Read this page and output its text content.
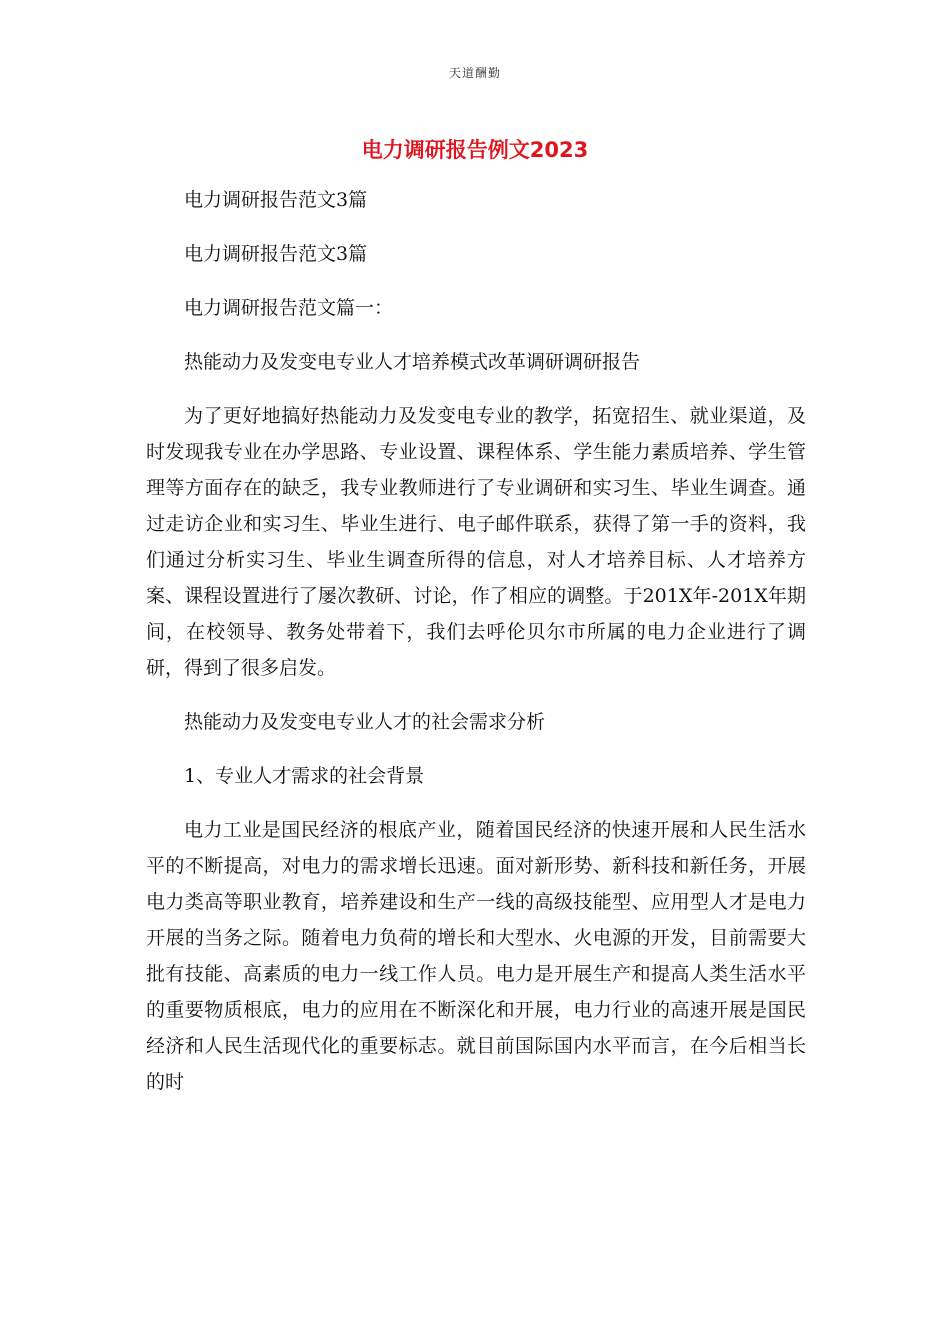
天道酬勤
电力调研报告例文2023

电力调研报告范文3篇

电力调研报告范文3篇

电力调研报告范文篇一：

热能动力及发变电专业人才培养模式改革调研调研报告

为了更好地搞好热能动力及发变电专业的教学，拓宽招生、就业渠道，及时发现我专业在办学思路、专业设置、课程体系、学生能力素质培养、学生管理等方面存在的缺乏，我专业教师进行了专业调研和实习生、毕业生调查。通过走访企业和实习生、毕业生进行、电子邮件联系，获得了第一手的资料，我们通过分析实习生、毕业生调查所得的信息，对人才培养目标、人才培养方案、课程设置进行了屡次教研、讨论，作了相应的调整。于201X年-201X年期间，在校领导、教务处带着下，我们去呼伦贝尔市所属的电力企业进行了调研，得到了很多启发。

热能动力及发变电专业人才的社会需求分析

1、专业人才需求的社会背景

电力工业是国民经济的根底产业，随着国民经济的快速开展和人民生活水平的不断提高，对电力的需求增长迅速。面对新形势、新科技和新任务，开展电力类高等职业教育，培养建设和生产一线的高级技能型、应用型人才是电力开展的当务之际。随着电力负荷的增长和大型水、火电源的开发，目前需要大批有技能、高素质的电力一线工作人员。电力是开展生产和提高人类生活水平的重要物质根底，电力的应用在不断深化和开展，电力行业的高速开展是国民经济和人民生活现代化的重要标志。就目前国际国内水平而言，在今后相当长的时
